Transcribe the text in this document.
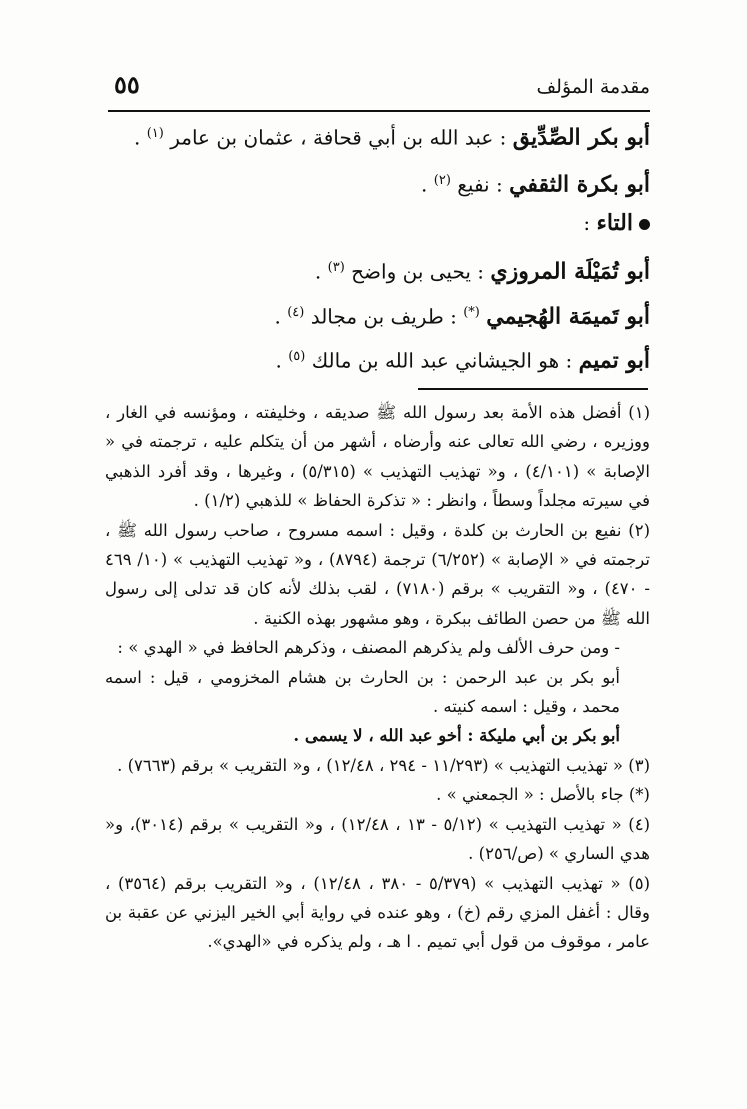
٥٥	مقدمة المؤلف
أبو بكر الصِّدِّيق : عبد الله بن أبي قحافة ، عثمان بن عامر $^{(١)}$ .
أبو بكرة الثقفي : نفيع $^{(٢)}$ .
التاء :
أبو تُمَيْلَة المروزي : يحيى بن واضح $^{(٣)}$ .
أبو تَميمَة الهُجيمي (*) : طريف بن مجالد $^{(٤)}$ .
أبو تميم : هو الجيشاني عبد الله بن مالك $^{(٥)}$ .

(١) أفضل هذه الأمة بعد رسول الله ﷺ صديقه ، وخليفته ، ومؤنسه في الغار ، ووزيره ، رضي الله تعالى عنه وأرضاه ، أشهر من أن يتكلم عليه ، ترجمته في « الإصابة » (٤/١٠١) ، و« تهذيب التهذيب » (٥/٣١٥) ، وغيرها ، وقد أفرد الذهبي في سيرته مجلداً وسطاً ، وانظر : « تذكرة الحفاظ » للذهبي (١/٢) .

(٢) نفيع بن الحارث بن كلدة ، وقيل : اسمه مسروح ، صاحب رسول الله ﷺ ، ترجمته في « الإصابة » (٦/٢٥٢) ترجمة (٨٧٩٤) ، و« تهذيب التهذيب » (١٠/ ٤٦٩ - ٤٧٠) ، و« التقريب » برقم (٧١٨٠) ، لقب بذلك لأنه كان قد تدلى إلى رسول الله ﷺ من حصن الطائف ببكرة ، وهو مشهور بهذه الكنية .

- ومن حرف الألف ولم يذكرهم المصنف ، وذكرهم الحافظ في « الهدي » :

أبو بكر بن عبد الرحمن : بن الحارث بن هشام المخزومي ، قيل : اسمه محمد ، وقيل : اسمه كنيته .

أبو بكر بن أبي مليكة : أخو عبد الله ، لا يسمى .

(٣) « تهذيب التهذيب » (١١/٢٩٣ - ٢٩٤ ، ١٢/٤٨) ، و« التقريب » برقم (٧٦٦٣) .

(*) جاء بالأصل : « الجمعني » .

(٤) « تهذيب التهذيب » (٥/١٢ - ١٣ ، ١٢/٤٨) ، و« التقريب » برقم (٣٠١٤)، و« هدي الساري » (ص/٢٥٦) .

(٥) « تهذيب التهذيب » (٥/٣٧٩ - ٣٨٠ ، ١٢/٤٨) ، و« التقريب برقم (٣٥٦٤) ، وقال : أغفل المزي رقم (خ) ، وهو عنده في رواية أبي الخير اليزني عن عقبة بن عامر ، موقوف من قول أبي تميم . ا هـ ، ولم يذكره في «الهدي».
